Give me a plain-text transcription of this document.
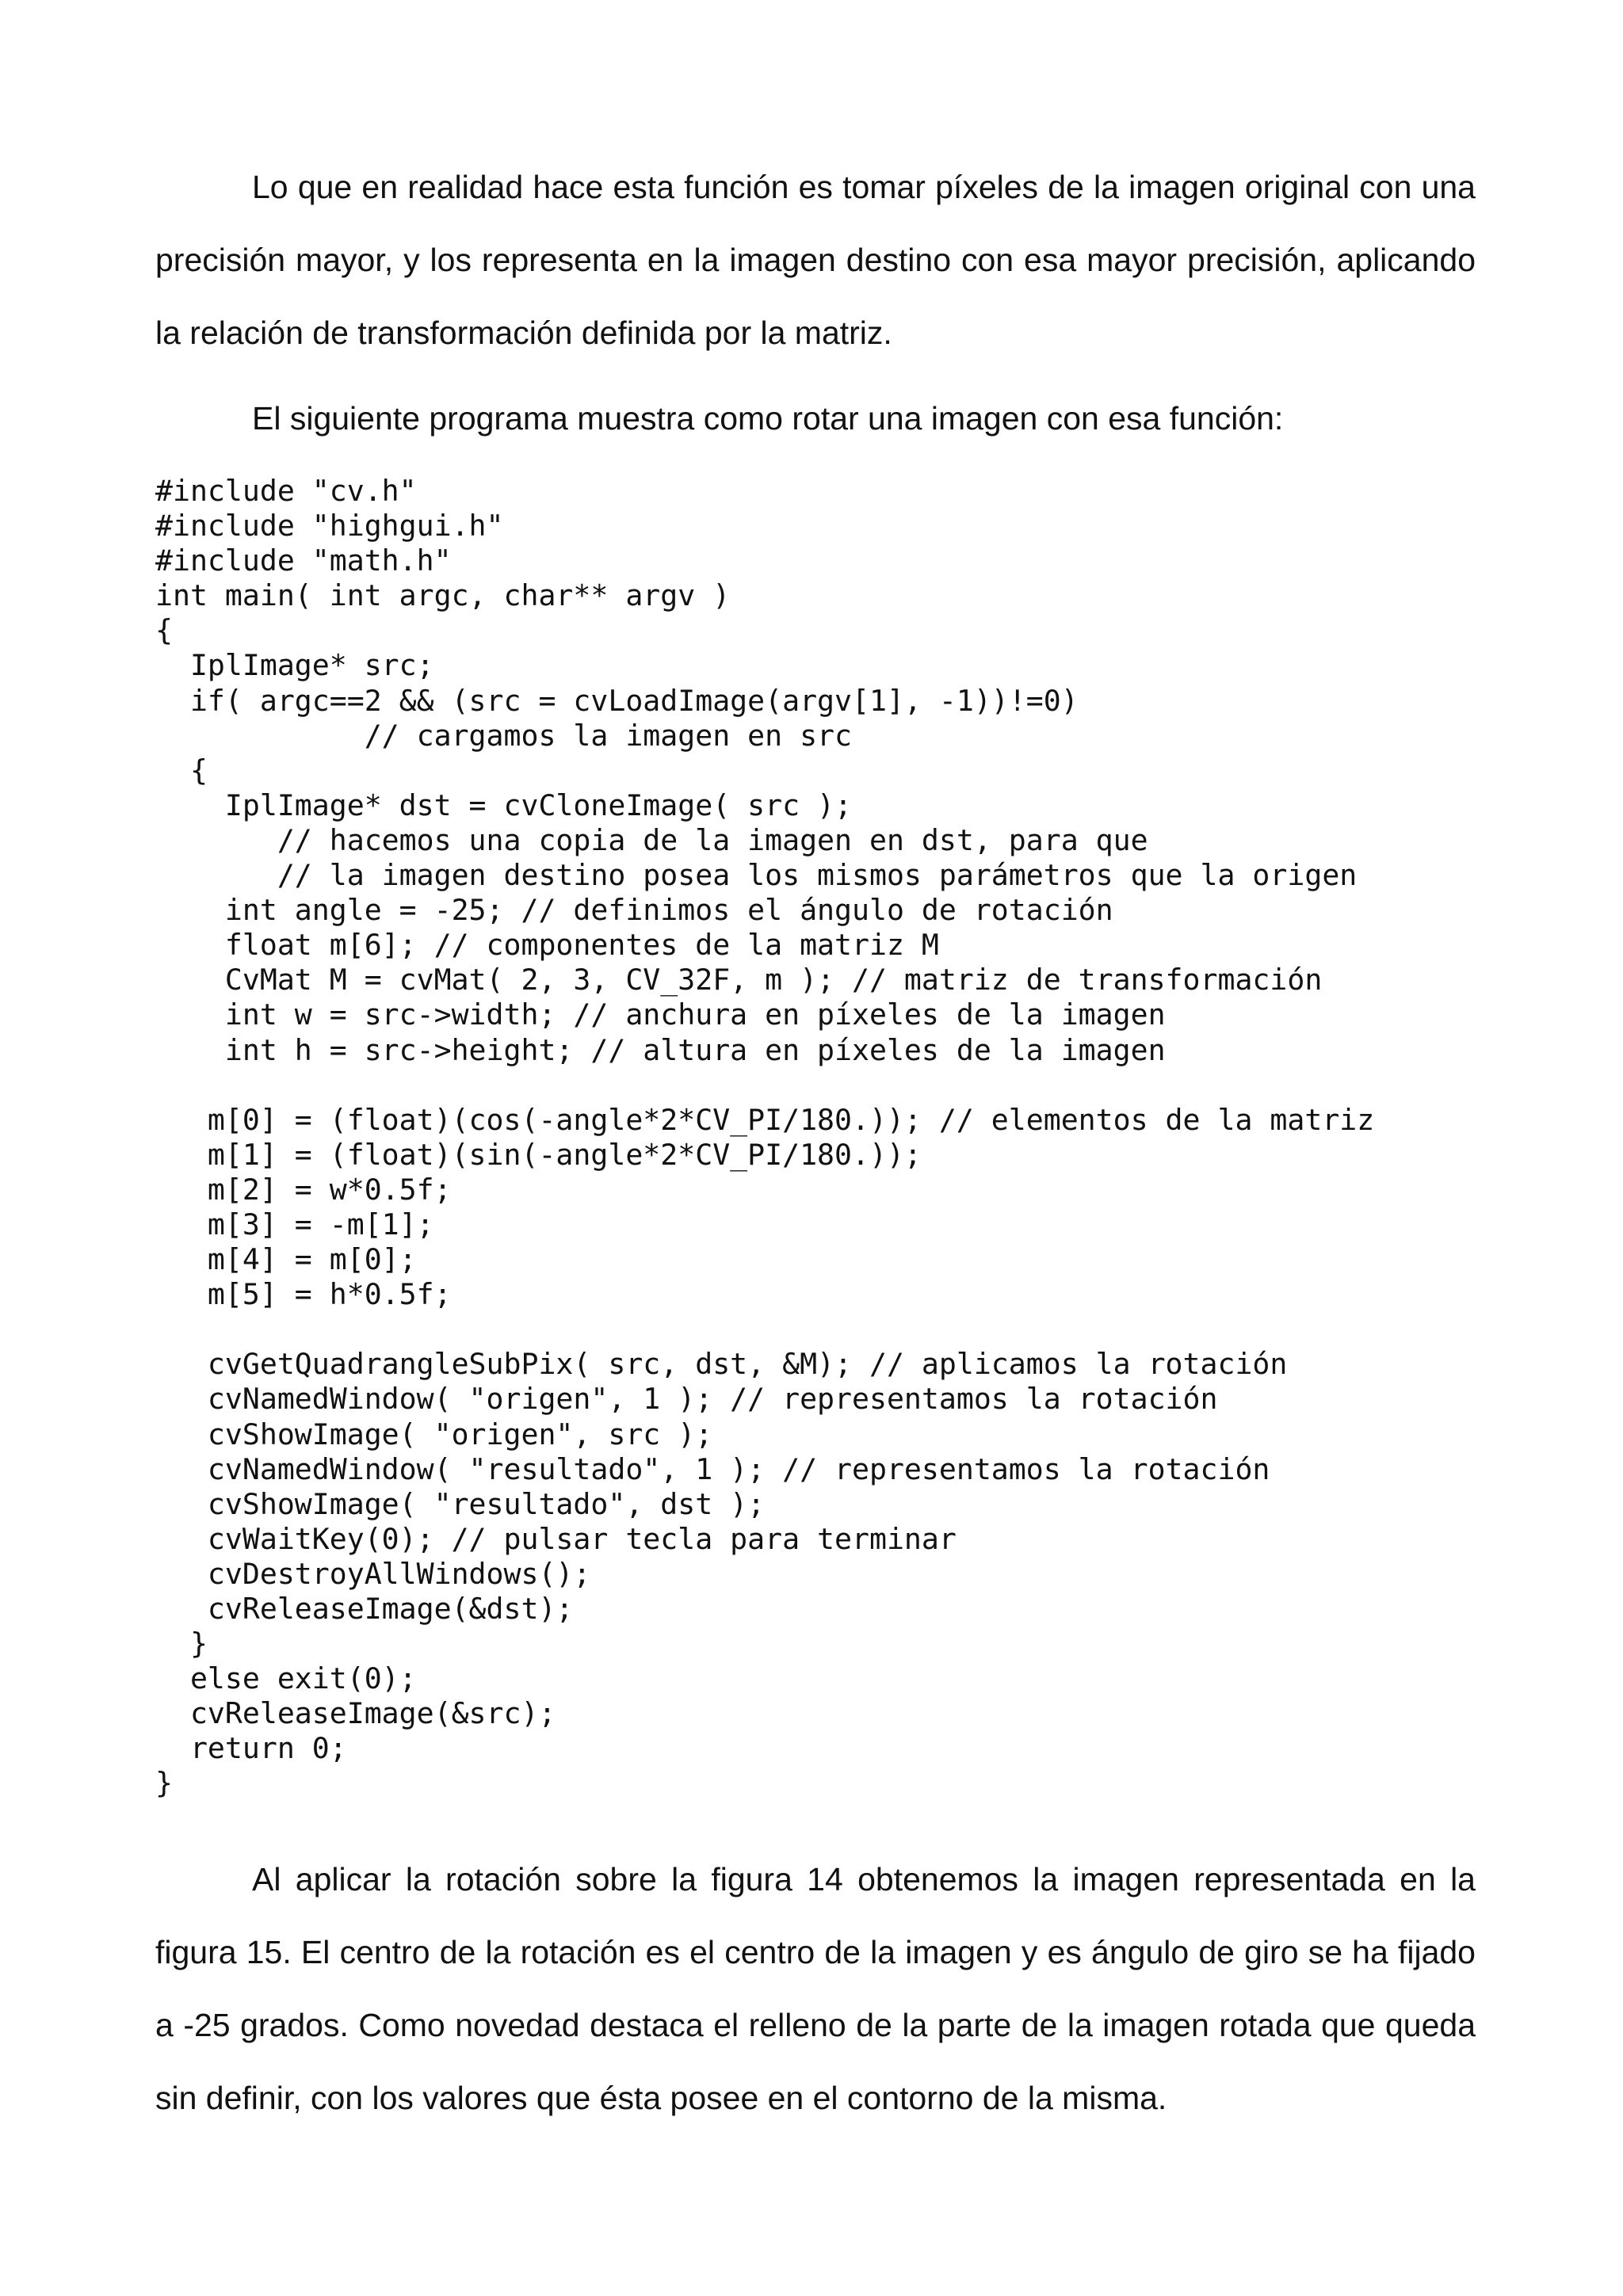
Lo que en realidad hace esta función es tomar píxeles de la imagen original con una precisión mayor, y los representa en la imagen destino con esa mayor precisión, aplicando la relación de transformación definida por la matriz.

El siguiente programa muestra como rotar una imagen con esa función:

#include "cv.h"
#include "highgui.h"
#include "math.h"
int main( int argc, char** argv )
{
IplImage* src;
if( argc==2 && (src = cvLoadImage(argv[1], -1))!=0)
// cargamos la imagen en src
{
IplImage* dst = cvCloneImage( src );
// hacemos una copia de la imagen en dst, para que
// la imagen destino posea los mismos parámetros que la origen
int angle = -25; // definimos el ángulo de rotación
float m[6]; // componentes de la matriz M
CvMat M = cvMat( 2, 3, CV_32F, m ); // matriz de transformación
int w = src->width; // anchura en píxeles de la imagen
int h = src->height; // altura en píxeles de la imagen
m[0] = (float)(cos(-angle*2*CV_PI/180.)); // elementos de la matriz
m[1] = (float)(sin(-angle*2*CV_PI/180.));
m[2] = w*0.5f;
m[3] = -m[1];
m[4] = m[0];
m[5] = h*0.5f;
cvGetQuadrangleSubPix( src, dst, &M); // aplicamos la rotación
cvNamedWindow( "origen", 1 ); // representamos la rotación
cvShowImage( "origen", src );
cvNamedWindow( "resultado", 1 ); // representamos la rotación
cvShowImage( "resultado", dst );
cvWaitKey(0); // pulsar tecla para terminar
cvDestroyAllWindows();
cvReleaseImage(&dst);
}
else exit(0);
cvReleaseImage(&src);
return 0;
}

Al aplicar la rotación sobre la figura 14 obtenemos la imagen representada en la figura 15. El centro de la rotación es el centro de la imagen y es ángulo de giro se ha fijado a -25 grados. Como novedad destaca el relleno de la parte de la imagen rotada que queda sin definir, con los valores que ésta posee en el contorno de la misma.
